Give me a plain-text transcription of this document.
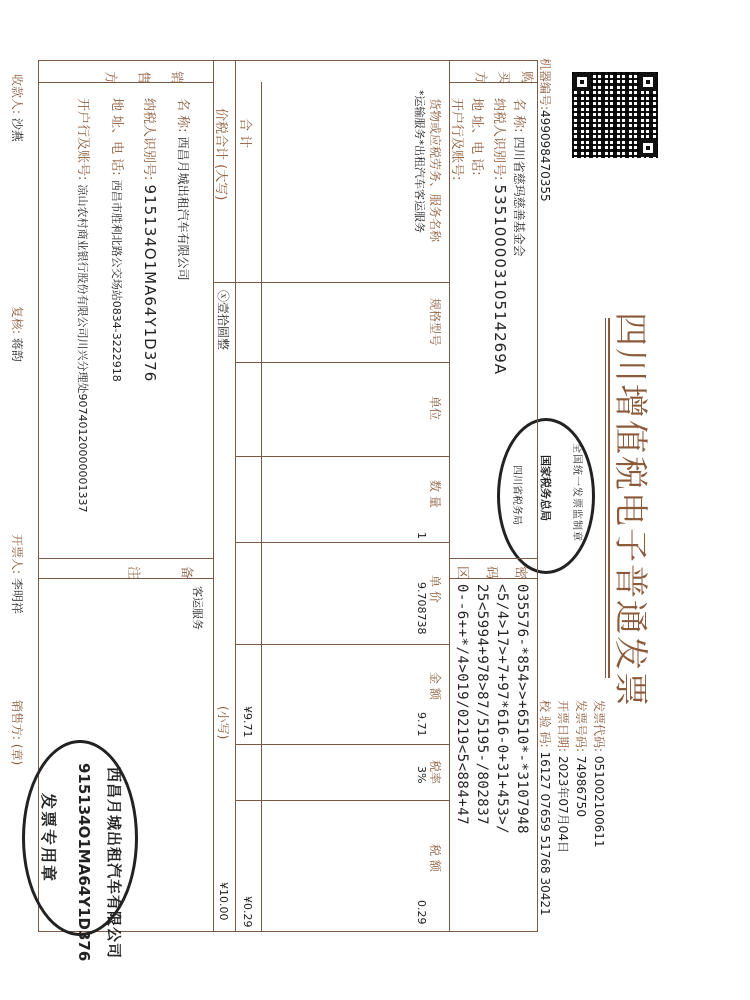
机器编号:499098470355
四川增值税电子普通发票
全国统一发票监制章
国家税务总局
四川省税务局
发票代码: 051002100611
发票号码: 74986750
开票日期: 2023年07月04日
校 验 码: 16127 07659 51768 30421
购买方
名 称: 四川省慈玛慈善基金会
纳税人识别号: 53510000310514269A
地 址、电 话:
开户行及账号:
密码区
035576-*854>>+6510*-*3107948
<5/4>17>+7+97*616-0+31+453>/
25<5994+978>87/5195-/802837
0--6++*/4>019/0219<5<884+47
货物或应税劳务、服务名称
规格型号
单位
数 量
单 价
金 额
税率
税 额
*运输服务*出租汽车客运服务
1
9.708738
9.71
3%
0.29
合 计
¥9.71
¥0.29
价税合计 (大写)
ⓧ壹拾圆整
(小写)
¥10.00
销售方
名 称: 西昌月城出租汽车有限公司
纳税人识别号: 915134O1MA64Y1D376
地 址、电 话: 西昌市胜利北路公交场站0834-3222918
开户行及账号: 凉山农村商业银行股份有限公司川兴分理处90740120000001337
备注
客运服务
西昌月城出租汽车有限公司
915134O1MA64Y1D376
发票专用章
收款人: 沙燕
复核: 蒋韵
开票人: 李明祥
销售方: (章)
